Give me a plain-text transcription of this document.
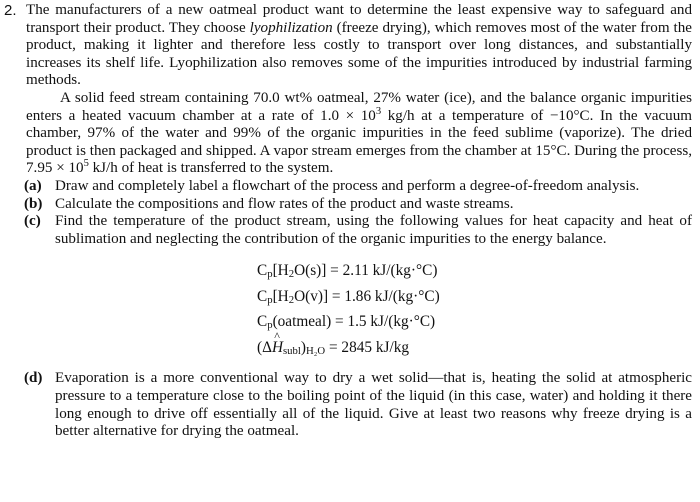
2. The manufacturers of a new oatmeal product want to determine the least expensive way to safeguard and transport their product. They choose lyophilization (freeze drying), which removes most of the water from the product, making it lighter and therefore less costly to transport over long distances, and substantially increases its shelf life. Lyophilization also removes some of the impurities introduced by industrial farming methods.

A solid feed stream containing 70.0 wt% oatmeal, 27% water (ice), and the balance organic impurities enters a heated vacuum chamber at a rate of $1.0 \times 10^3$ kg/h at a temperature of −10°C. In the vacuum chamber, 97% of the water and 99% of the organic impurities in the feed sublime (vaporize). The dried product is then packaged and shipped. A vapor stream emerges from the chamber at 15°C. During the process, $7.95 \times 10^5$ kJ/h of heat is transferred to the system.

(a) Draw and completely label a flowchart of the process and perform a degree-of-freedom analysis.
(b) Calculate the compositions and flow rates of the product and waste streams.
(c) Find the temperature of the product stream, using the following values for heat capacity and heat of sublimation and neglecting the contribution of the organic impurities to the energy balance.
$C_p[H_2O(s)] = 2.11$ kJ/(kg·°C)
$C_p[H_2O(v)] = 1.86$ kJ/(kg·°C)
$C_p(oatmeal) = 1.5$ kJ/(kg·°C)
(Δ^ $H_{subl})_{H_2O} = 2845$ kJ/kg
(d) Evaporation is a more conventional way to dry a wet solid—that is, heating the solid at atmospheric pressure to a temperature close to the boiling point of the liquid (in this case, water) and holding it there long enough to drive off essentially all of the liquid. Give at least two reasons why freeze drying is a better alternative for drying the oatmeal.
